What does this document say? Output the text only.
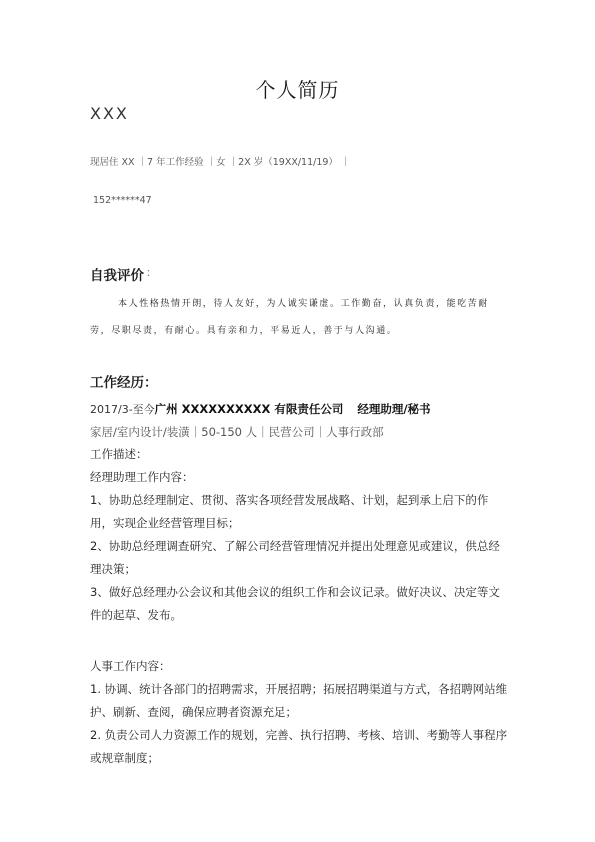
个人简历
XXX
现居住 XX ｜7 年工作经验 ｜女 ｜2X 岁（19XX/11/19） ｜
152******47
自我评价 ：
本人性格热情开朗，待人友好，为人诚实谦虚。工作勤奋，认真负责，能吃苦耐劳，尽职尽责，有耐心。具有亲和力，平易近人，善于与人沟通。
工作经历：
2017/3-至今广州 XXXXXXXXXX 有限责任公司 经理助理/秘书
家居/室内设计/装潢｜50-150 人｜民营公司｜人事行政部
工作描述：
经理助理工作内容：
1、协助总经理制定、贯彻、落实各项经营发展战略、计划，起到承上启下的作用，实现企业经营管理目标；
2、协助总经理调查研究、了解公司经营管理情况并提出处理意见或建议，供总经理决策；
3、做好总经理办公会议和其他会议的组织工作和会议记录。做好决议、决定等文件的起草、发布。
人事工作内容：
1. 协调、统计各部门的招聘需求，开展招聘；拓展招聘渠道与方式，各招聘网站维护、刷新、查阅，确保应聘者资源充足；
2. 负责公司人力资源工作的规划，完善、执行招聘、考核、培训、考勤等人事程序或规章制度；
